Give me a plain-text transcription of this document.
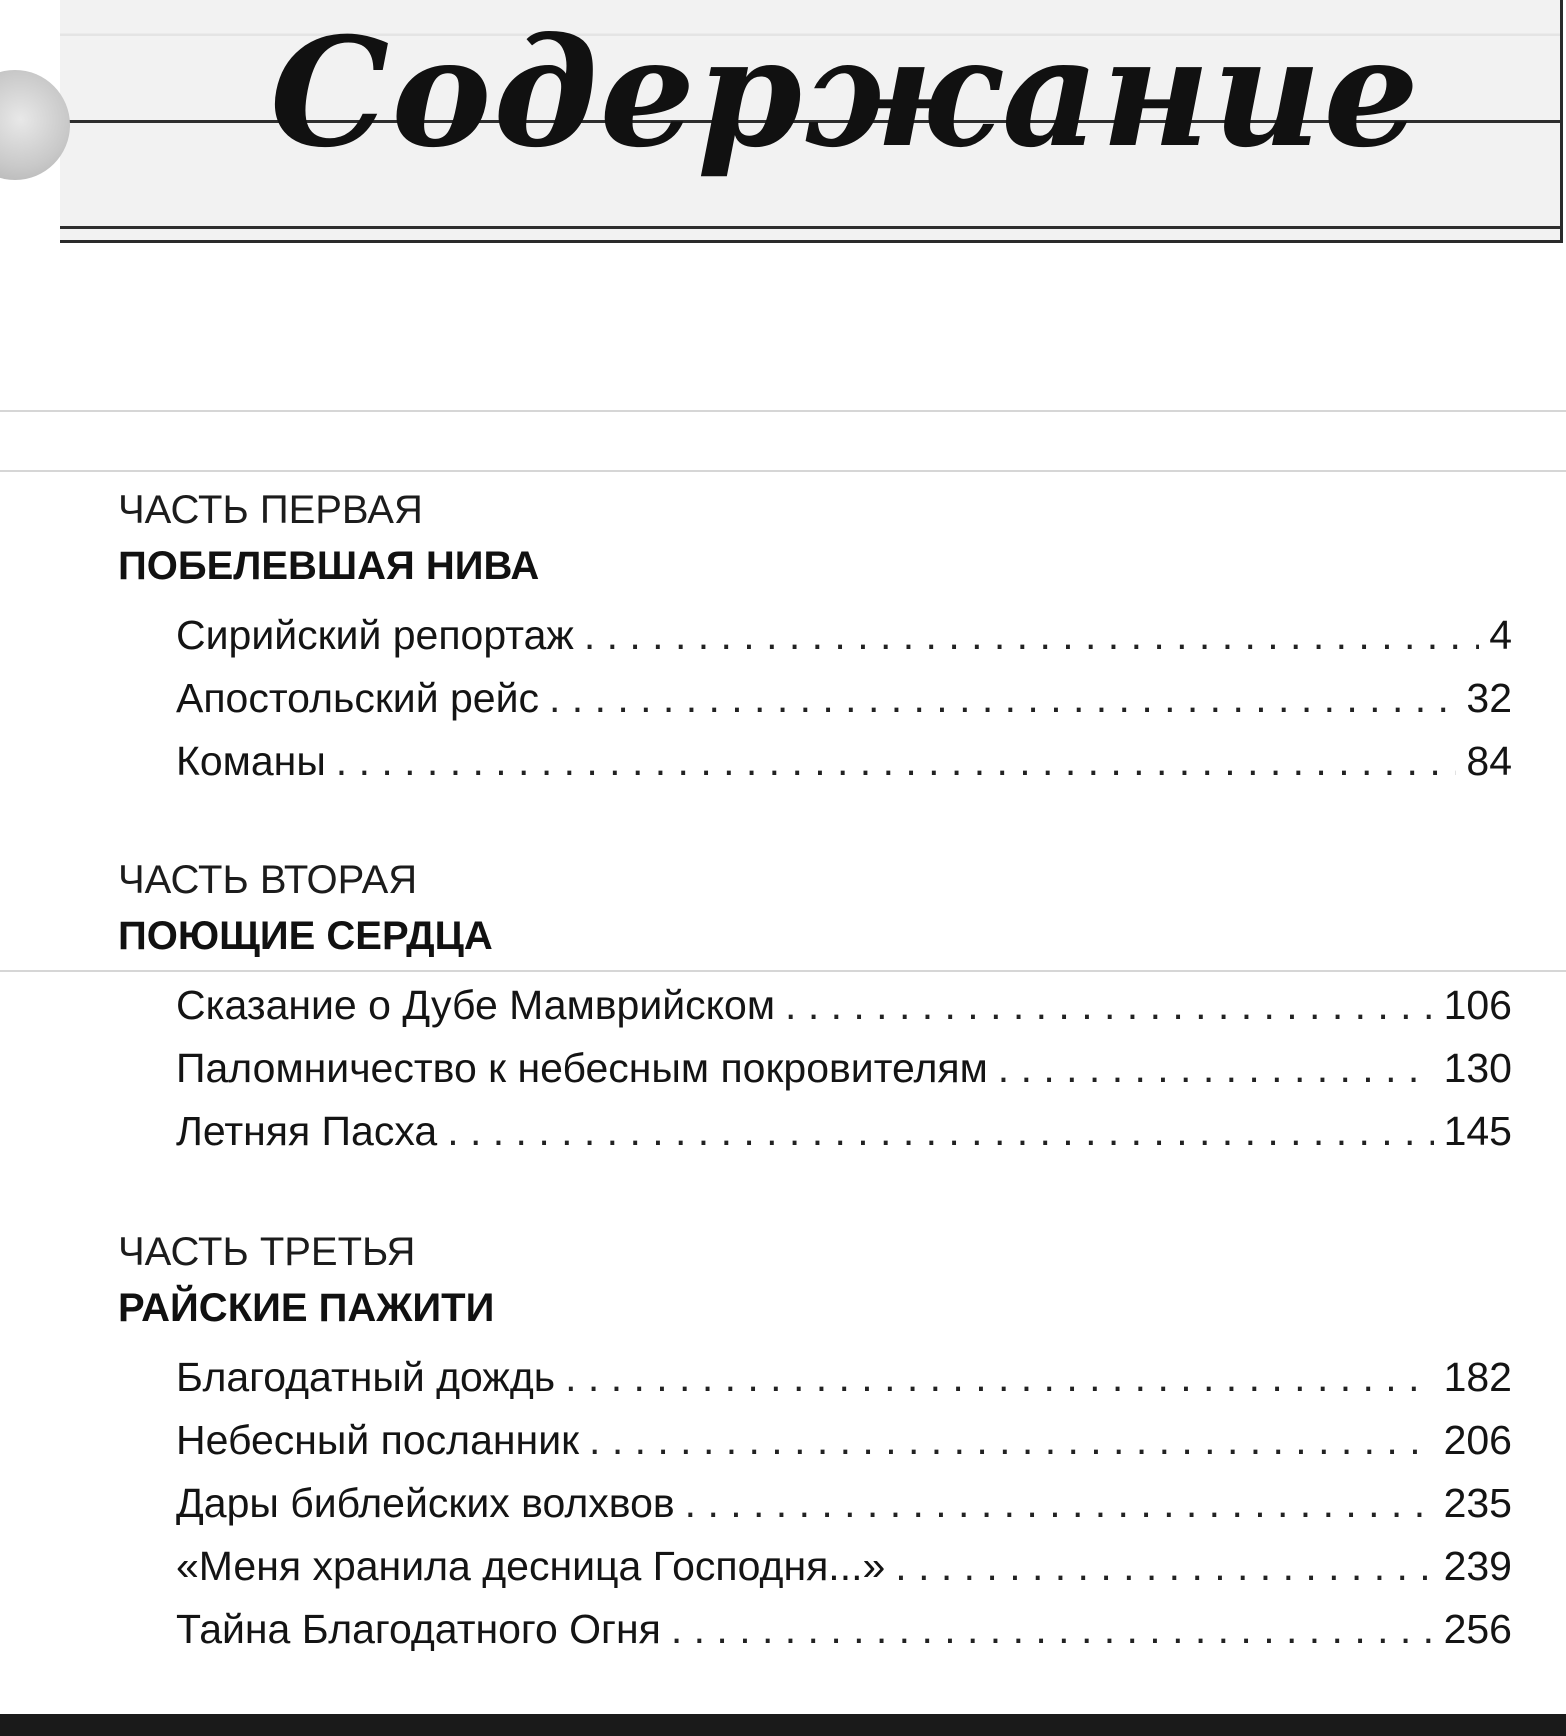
Содержание
ЧАСТЬ ПЕРВАЯ
ПОБЕЛЕВШАЯ НИВА
Сирийский репортаж . . .	4
Апостольский рейс . . .	32
Команы . . .	84
ЧАСТЬ ВТОРАЯ
ПОЮЩИЕ СЕРДЦА
Сказание о Дубе Мамврийском . . .	106
Паломничество к небесным покровителям . . .	130
Летняя Пасха . . .	145
ЧАСТЬ ТРЕТЬЯ
РАЙСКИЕ ПАЖИТИ
Благодатный дождь . . .	182
Небесный посланник . . .	206
Дары библейских волхвов . . .	235
«Меня хранила десница Господня...» . . .	239
Тайна Благодатного Огня . . .	256
